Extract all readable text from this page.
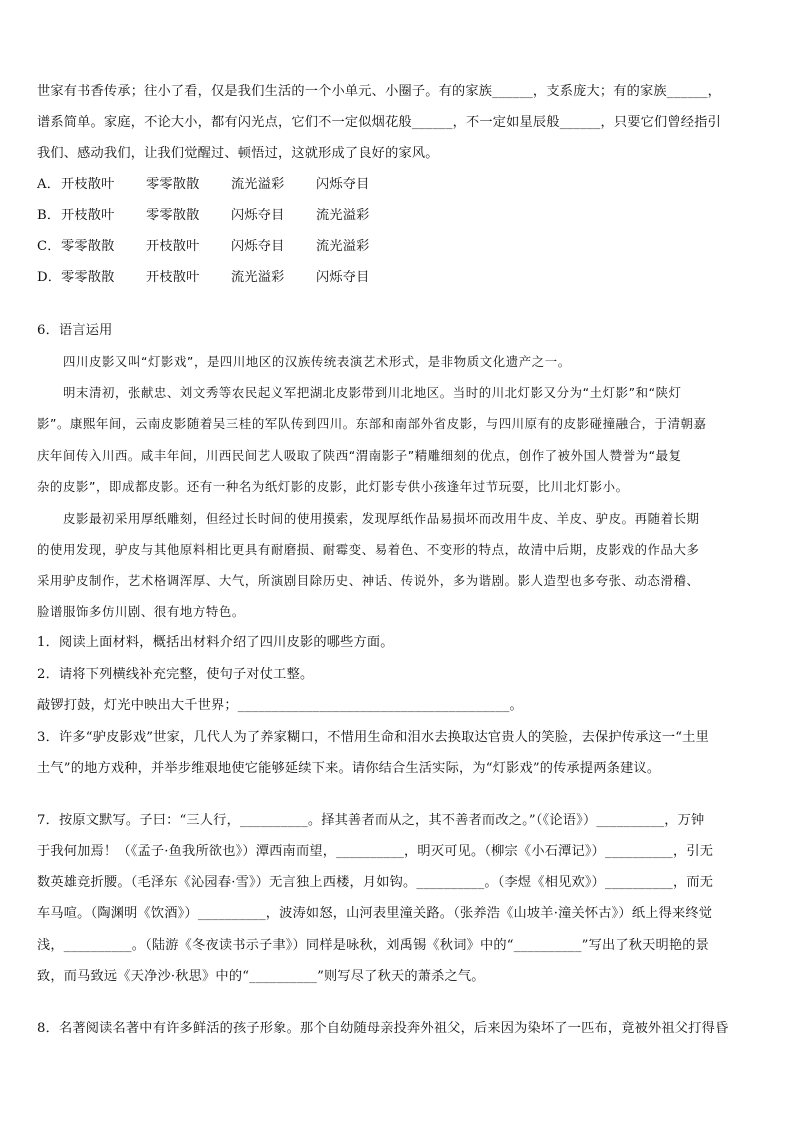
世家有书香传承；往小了看，仅是我们生活的一个小单元、小圈子。有的家族______，支系庞大；有的家族______，
谱系简单。家庭，不论大小，都有闪光点，它们不一定似烟花般______，不一定如星辰般______，只要它们曾经指引
我们、感动我们，让我们觉醒过、顿悟过，这就形成了良好的家风。
A．开枝散叶 零零散散 流光溢彩 闪烁夺目
B．开枝散叶 零零散散 闪烁夺目 流光溢彩
C．零零散散 开枝散叶 闪烁夺目 流光溢彩
D．零零散散 开枝散叶 流光溢彩 闪烁夺目
6．语言运用
四川皮影又叫“灯影戏”，是四川地区的汉族传统表演艺术形式，是非物质文化遗产之一。
明末清初，张献忠、刘文秀等农民起义军把湖北皮影带到川北地区。当时的川北灯影又分为“土灯影”和“陕灯
影”。康熙年间，云南皮影随着吴三桂的军队传到四川。东部和南部外省皮影，与四川原有的皮影碰撞融合，于清朝嘉
庆年间传入川西。咸丰年间，川西民间艺人吸取了陕西“渭南影子”精雕细刻的优点，创作了被外国人赞誉为“最复
杂的皮影”，即成都皮影。还有一种名为纸灯影的皮影，此灯影专供小孩逢年过节玩耍，比川北灯影小。
皮影最初采用厚纸雕刻，但经过长时间的使用摸索，发现厚纸作品易损坏而改用牛皮、羊皮、驴皮。再随着长期
的使用发现，驴皮与其他原料相比更具有耐磨损、耐霉变、易着色、不变形的特点，故清中后期，皮影戏的作品大多
采用驴皮制作，艺术格调浑厚、大气，所演剧目除历史、神话、传说外，多为谐剧。影人造型也多夸张、动态滑稽、
脸谱服饰多仿川剧、很有地方特色。
1．阅读上面材料，概括出材料介绍了四川皮影的哪些方面。
2．请将下列横线补充完整，使句子对仗工整。
敲锣打鼓，灯光中映出大千世界；________________________________________。
3．许多“驴皮影戏”世家，几代人为了养家糊口，不惜用生命和泪水去换取达官贵人的笑脸，去保护传承这一“土里
土气”的地方戏种，并举步维艰地使它能够延续下来。请你结合生活实际，为“灯影戏”的传承提两条建议。
7．按原文默写。子曰：“三人行，__________。择其善者而从之，其不善者而改之。”（《论语》）__________，万钟
于我何加焉！（《孟子·鱼我所欲也》）潭西南而望，__________，明灭可见。（柳宗《小石潭记》）__________，引无
数英雄竞折腰。（毛泽东《沁园春·雪》）无言独上西楼，月如钩。__________。（李煜《相见欢》）__________，而无
车马喧。（陶渊明《饮酒》）__________，波涛如怒，山河表里潼关路。（张养浩《山坡羊·潼关怀古》）纸上得来终觉
浅，__________。（陆游《冬夜读书示子聿》）同样是咏秋，刘禹锡《秋词》中的“__________”写出了秋天明艳的景
致，而马致远《天净沙·秋思》中的“__________”则写尽了秋天的萧杀之气。
8．名著阅读名著中有许多鲜活的孩子形象。那个自幼随母亲投奔外祖父，后来因为染坏了一匹布，竟被外祖父打得昏
